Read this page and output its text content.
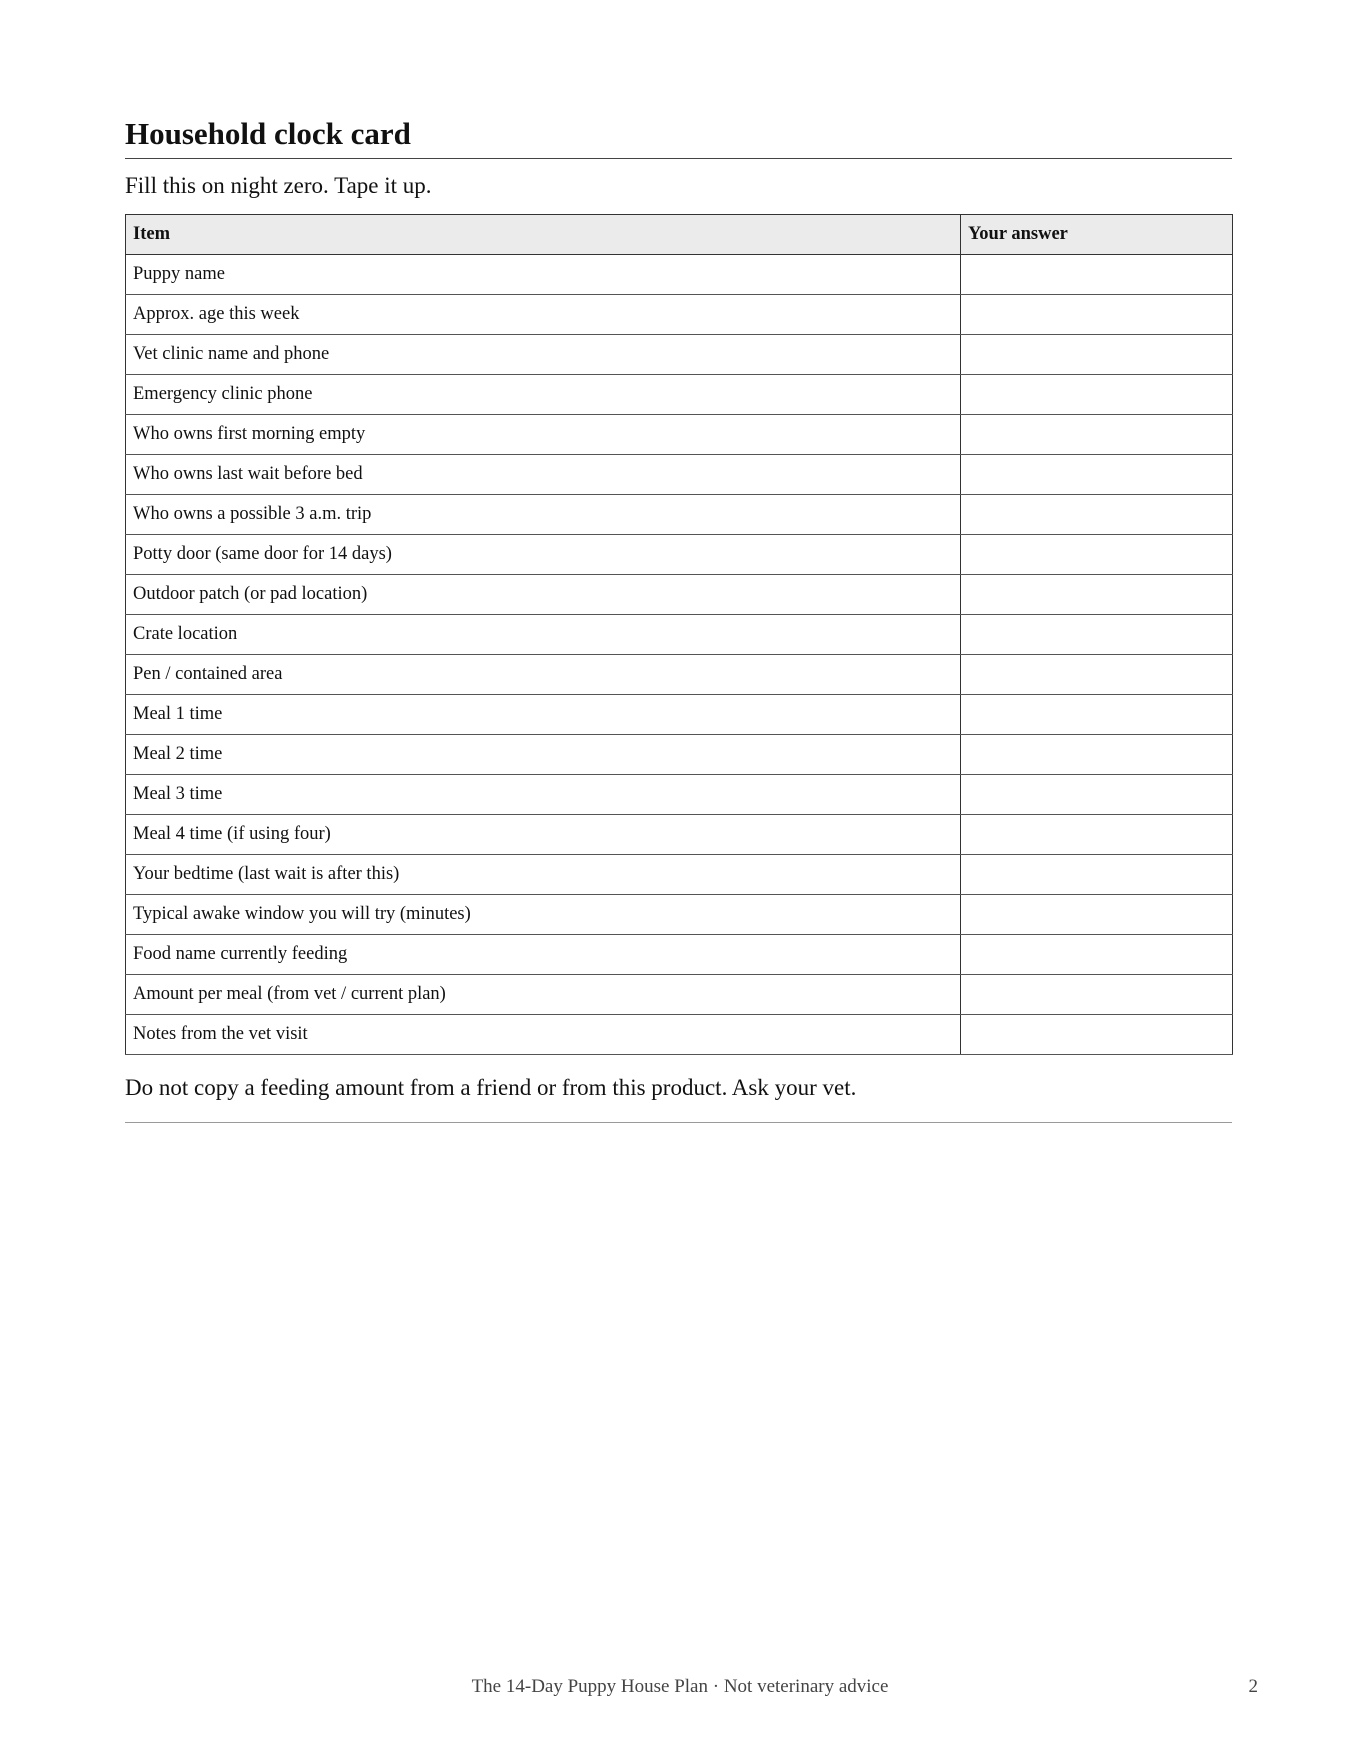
Household clock card

Fill this on night zero. Tape it up.

Item	Your answer
Puppy name	
Approx. age this week	
Vet clinic name and phone	
Emergency clinic phone	
Who owns first morning empty	
Who owns last wait before bed	
Who owns a possible 3 a.m. trip	
Potty door (same door for 14 days)	
Outdoor patch (or pad location)	
Crate location	
Pen / contained area	
Meal 1 time	
Meal 2 time	
Meal 3 time	
Meal 4 time (if using four)	
Your bedtime (last wait is after this)	
Typical awake window you will try (minutes)	
Food name currently feeding	
Amount per meal (from vet / current plan)	
Notes from the vet visit	

Do not copy a feeding amount from a friend or from this product. Ask your vet.

The 14-Day Puppy House Plan · Not veterinary advice	2
